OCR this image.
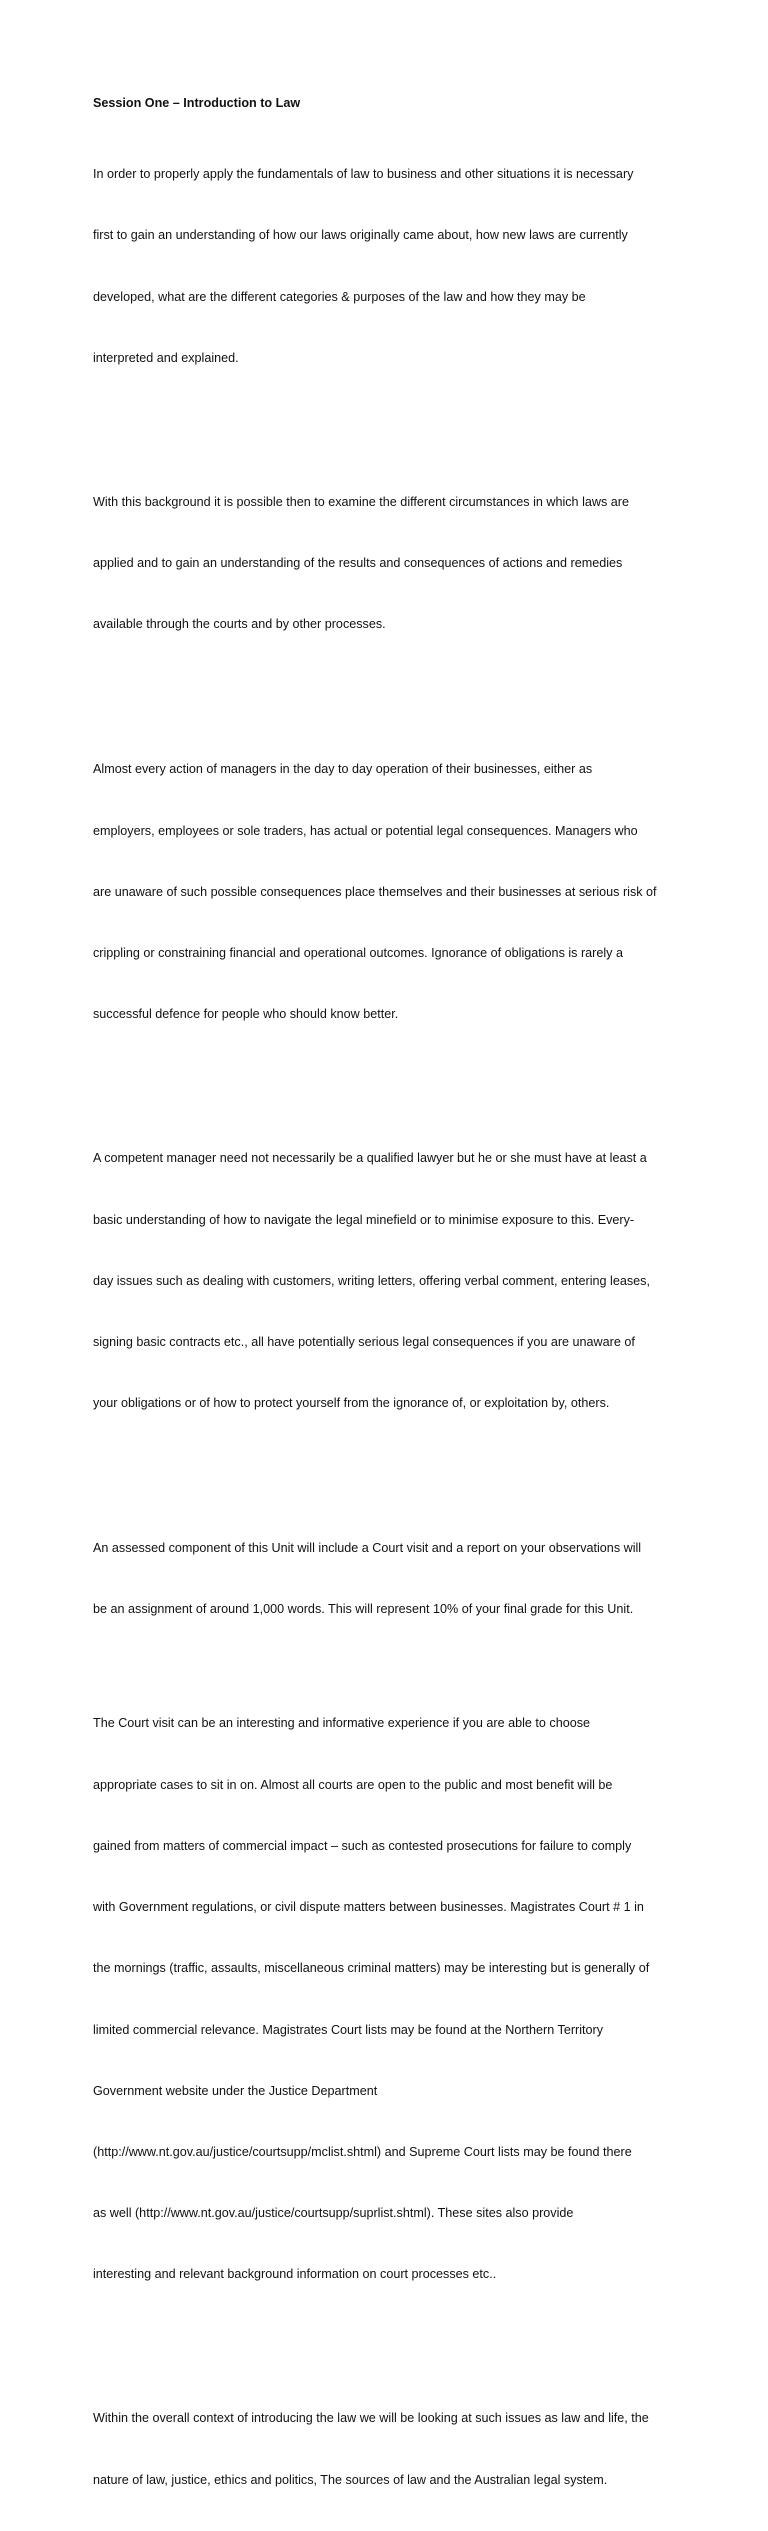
Session One – Introduction to Law

In order to properly apply the fundamentals of law to business and other situations it is necessary

first to gain an understanding of how our laws originally came about, how new laws are currently

developed, what are the different categories & purposes of the law and how they may be

interpreted and explained.

With this background it is possible then to examine the different circumstances in which laws are

applied and to gain an understanding of the results and consequences of actions and remedies

available through the courts and by other processes.

Almost every action of managers in the day to day operation of their businesses, either as

employers, employees or sole traders, has actual or potential legal consequences. Managers who

are unaware of such possible consequences place themselves and their businesses at serious risk of

crippling or constraining financial and operational outcomes. Ignorance of obligations is rarely a

successful defence for people who should know better.

A competent manager need not necessarily be a qualified lawyer but he or she must have at least a

basic understanding of how to navigate the legal minefield or to minimise exposure to this. Every-

day issues such as dealing with customers, writing letters, offering verbal comment, entering leases,

signing basic contracts etc., all have potentially serious legal consequences if you are unaware of

your obligations or of how to protect yourself from the ignorance of, or exploitation by, others.

An assessed component of this Unit will include a Court visit and a report on your observations will

be an assignment of around 1,000 words. This will represent 10% of your final grade for this Unit.

The Court visit can be an interesting and informative experience if you are able to choose

appropriate cases to sit in on. Almost all courts are open to the public and most benefit will be

gained from matters of commercial impact – such as contested prosecutions for failure to comply

with Government regulations, or civil dispute matters between businesses. Magistrates Court # 1 in

the mornings (traffic, assaults, miscellaneous criminal matters) may be interesting but is generally of

limited commercial relevance. Magistrates Court lists may be found at the Northern Territory

Government website under the Justice Department

(http://www.nt.gov.au/justice/courtsupp/mclist.shtml) and Supreme Court lists may be found there

as well (http://www.nt.gov.au/justice/courtsupp/suprlist.shtml). These sites also provide

interesting and relevant background information on court processes etc..

Within the overall context of introducing the law we will be looking at such issues as law and life, the

nature of law, justice, ethics and politics, The sources of law and the Australian legal system.
